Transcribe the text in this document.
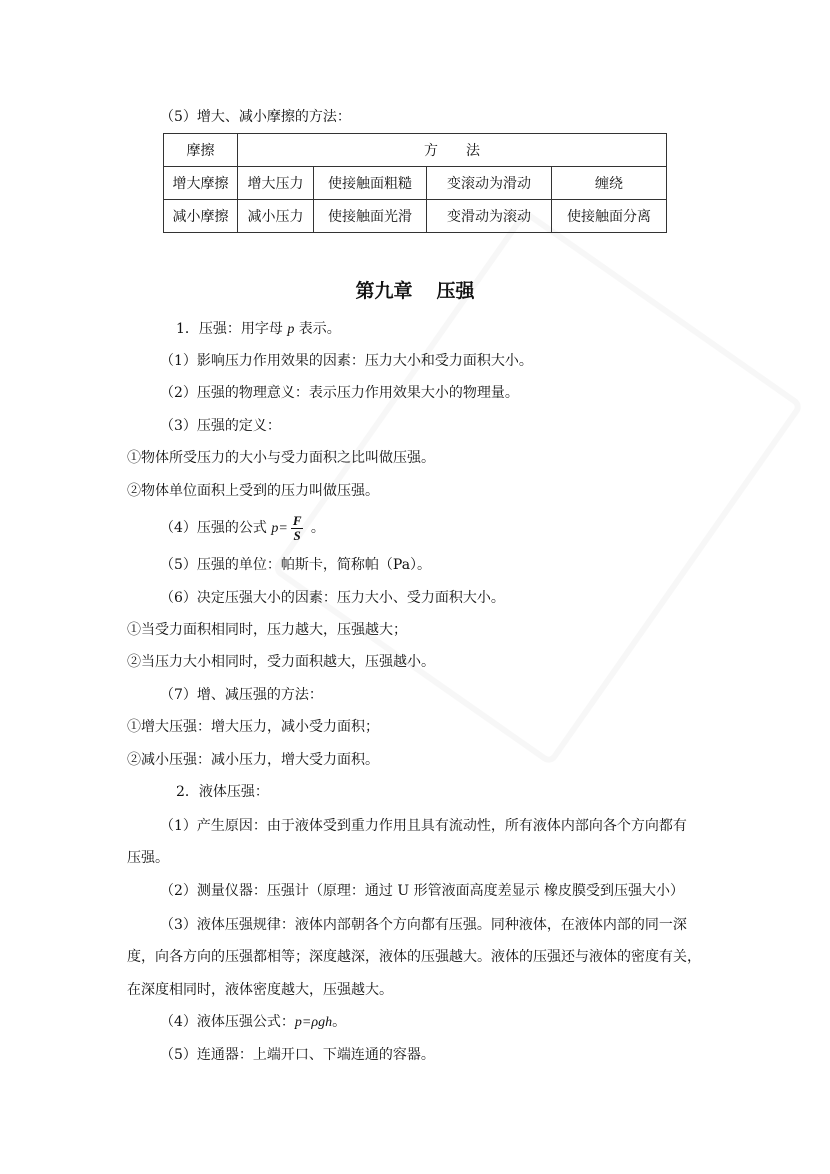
（5）增大、减小摩擦的方法：
摩擦	方　　法			
增大摩擦	增大压力	使接触面粗糙	变滚动为滑动	缠绕
减小摩擦	减小压力	使接触面光滑	变滑动为滚动	使接触面分离
第九章 压强
1．压强：用字母 p 表示。
（1）影响压力作用效果的因素：压力大小和受力面积大小。
（2）压强的物理意义：表示压力作用效果大小的物理量。
（3）压强的定义：
①物体所受压力的大小与受力面积之比叫做压强。
②物体单位面积上受到的压力叫做压强。
（4）压强的公式 $p= \frac{F}{S}$ 。
（5）压强的单位：帕斯卡，简称帕（Pa）。
（6）决定压强大小的因素：压力大小、受力面积大小。
①当受力面积相同时，压力越大，压强越大；
②当压力大小相同时，受力面积越大，压强越小。
（7）增、减压强的方法：
①增大压强：增大压力，减小受力面积；
②减小压强：减小压力，增大受力面积。
2．液体压强：
（1）产生原因：由于液体受到重力作用且具有流动性，所有液体内部向各个方向都有
压强。
（2）测量仪器：压强计（原理：通过 U 形管液面高度差显示 橡皮膜受到压强大小）
（3）液体压强规律：液体内部朝各个方向都有压强。同种液体，在液体内部的同一深
度，向各方向的压强都相等；深度越深，液体的压强越大。液体的压强还与液体的密度有关，
在深度相同时，液体密度越大，压强越大。
（4）液体压强公式：p=ρgh。
（5）连通器：上端开口、下端连通的容器。
